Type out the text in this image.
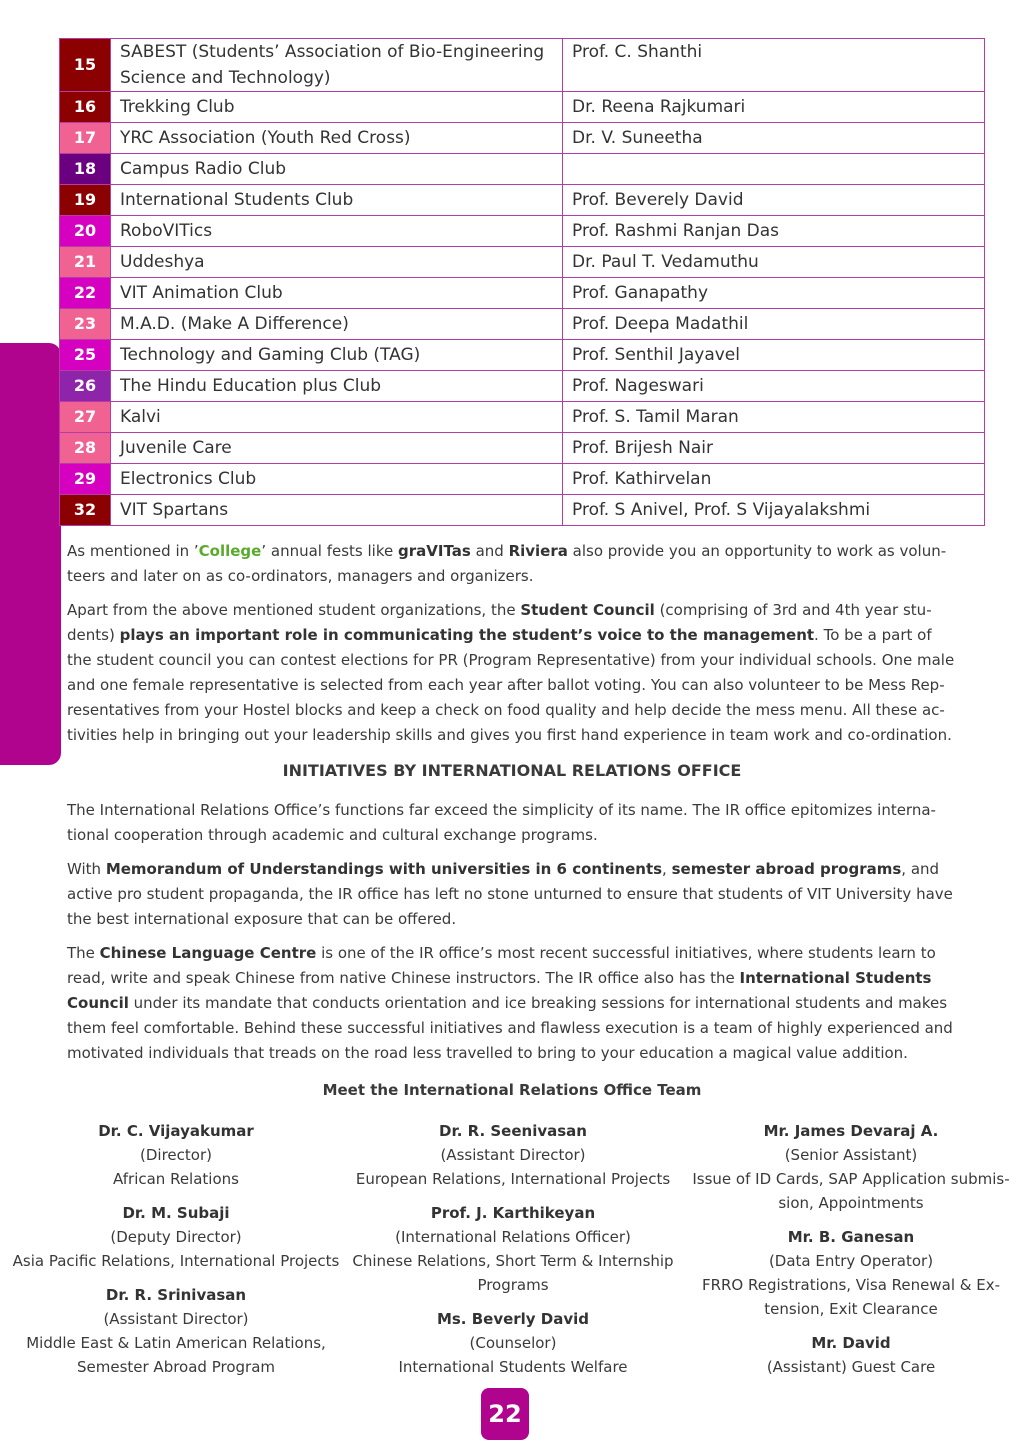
15	SABEST (Students’ Association of Bio-Engineering Science and Technology)	Prof. C. Shanthi
16	Trekking Club	Dr. Reena Rajkumari
17	YRC Association (Youth Red Cross)	Dr. V. Suneetha
18	Campus Radio Club	
19	International Students Club	Prof. Beverely David
20	RoboVITics	Prof. Rashmi Ranjan Das
21	Uddeshya	Dr. Paul T. Vedamuthu
22	VIT Animation Club	Prof. Ganapathy
23	M.A.D. (Make A Difference)	Prof. Deepa Madathil
25	Technology and Gaming Club (TAG)	Prof. Senthil Jayavel
26	The Hindu Education plus Club	Prof. Nageswari
27	Kalvi	Prof. S. Tamil Maran
28	Juvenile Care	Prof. Brijesh Nair
29	Electronics Club	Prof. Kathirvelan
32	VIT Spartans	Prof. S Anivel, Prof. S Vijayalakshmi

As mentioned in ’College’ annual fests like graVITas and Riviera also provide you an opportunity to work as volun-teers and later on as co-ordinators, managers and organizers.

Apart from the above mentioned student organizations, the Student Council (comprising of 3rd and 4th year stu-dents) plays an important role in communicating the student’s voice to the management. To be a part of the student council you can contest elections for PR (Program Representative) from your individual schools. One male and one female representative is selected from each year after ballot voting. You can also volunteer to be Mess Rep-resentatives from your Hostel blocks and keep a check on food quality and help decide the mess menu. All these ac-tivities help in bringing out your leadership skills and gives you first hand experience in team work and co-ordination.

INITIATIVES BY INTERNATIONAL RELATIONS OFFICE

The International Relations Office’s functions far exceed the simplicity of its name. The IR office epitomizes interna-tional cooperation through academic and cultural exchange programs.

With Memorandum of Understandings with universities in 6 continents, semester abroad programs, and active pro student propaganda, the IR office has left no stone unturned to ensure that students of VIT University have the best international exposure that can be offered.

The Chinese Language Centre is one of the IR office’s most recent successful initiatives, where students learn to read, write and speak Chinese from native Chinese instructors. The IR office also has the International Students Council under its mandate that conducts orientation and ice breaking sessions for international students and makes them feel comfortable. Behind these successful initiatives and flawless execution is a team of highly experienced and motivated individuals that treads on the road less travelled to bring to your education a magical value addition.

Meet the International Relations Office Team
Dr. C. Vijayakumar
(Director)
African Relations
Dr. M. Subaji
(Deputy Director)
Asia Pacific Relations, International Projects
Dr. R. Srinivasan
(Assistant Director)
Middle East & Latin American Relations, Semester Abroad Program
Dr. R. Seenivasan
(Assistant Director)
European Relations, International Projects
Prof. J. Karthikeyan
(International Relations Officer)
Chinese Relations, Short Term & Internship Programs
Ms. Beverly David
(Counselor)
International Students Welfare
Mr. James Devaraj A.
(Senior Assistant)
Issue of ID Cards, SAP Application submis-sion, Appointments
Mr. B. Ganesan
(Data Entry Operator)
FRRO Registrations, Visa Renewal & Ex-tension, Exit Clearance
Mr. David
(Assistant) Guest Care
22
